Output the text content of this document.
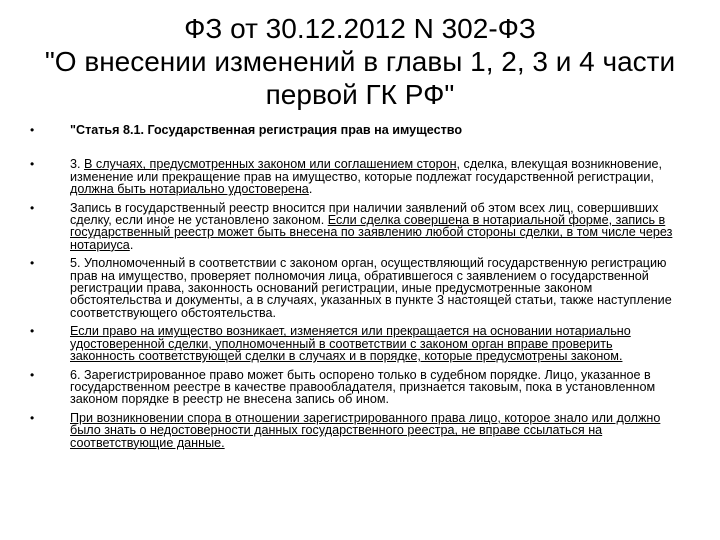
ФЗ от 30.12.2012 N 302-ФЗ
"О внесении изменений в главы 1, 2, 3 и 4 части
первой ГК РФ"
•	"Статья 8.1. Государственная регистрация прав на имущество
•	3. В случаях, предусмотренных законом или соглашением сторон, сделка, влекущая возникновение, изменение или прекращение прав на имущество, которые подлежат государственной регистрации, должна быть нотариально удостоверена.
•	Запись в государственный реестр вносится при наличии заявлений об этом всех лиц, совершивших сделку, если иное не установлено законом. Если сделка совершена в нотариальной форме, запись в государственный реестр может быть внесена по заявлению любой стороны сделки, в том числе через нотариуса.
•	5. Уполномоченный в соответствии с законом орган, осуществляющий государственную регистрацию прав на имущество, проверяет полномочия лица, обратившегося с заявлением о государственной регистрации права, законность оснований регистрации, иные предусмотренные законом обстоятельства и документы, а в случаях, указанных в пункте 3 настоящей статьи, также наступление соответствующего обстоятельства.
•	Если право на имущество возникает, изменяется или прекращается на основании нотариально удостоверенной сделки, уполномоченный в соответствии с законом орган вправе проверить законность соответствующей сделки в случаях и в порядке, которые предусмотрены законом.
•	6. Зарегистрированное право может быть оспорено только в судебном порядке. Лицо, указанное в государственном реестре в качестве правообладателя, признается таковым, пока в установленном законом порядке в реестр не внесена запись об ином.
•	При возникновении спора в отношении зарегистрированного права лицо, которое знало или должно было знать о недостоверности данных государственного реестра, не вправе ссылаться на соответствующие данные.
